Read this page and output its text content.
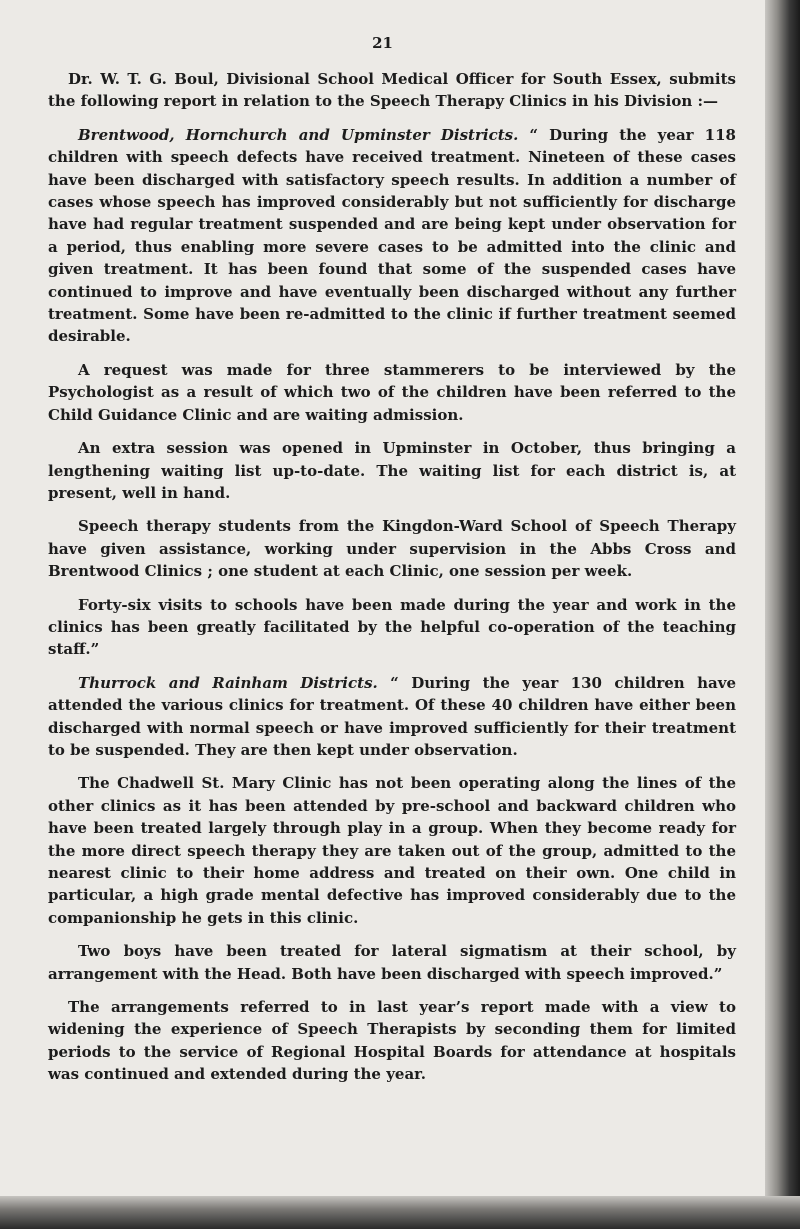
21

Dr. W. T. G. Boul, Divisional School Medical Officer for South Essex, submits the following report in relation to the Speech Therapy Clinics in his Division :—

Brentwood, Hornchurch and Upminster Districts. “ During the year 118 children with speech defects have received treatment. Nineteen of these cases have been discharged with satisfactory speech results. In addition a number of cases whose speech has improved considerably but not sufficiently for discharge have had regular treatment suspended and are being kept under observation for a period, thus enabling more severe cases to be admitted into the clinic and given treatment. It has been found that some of the suspended cases have continued to improve and have eventually been discharged without any further treatment. Some have been re-admitted to the clinic if further treatment seemed desirable.

A request was made for three stammerers to be interviewed by the Psychologist as a result of which two of the children have been referred to the Child Guidance Clinic and are waiting admission.

An extra session was opened in Upminster in October, thus bringing a lengthening waiting list up-to-date. The waiting list for each district is, at present, well in hand.

Speech therapy students from the Kingdon-Ward School of Speech Therapy have given assistance, working under supervision in the Abbs Cross and Brentwood Clinics ; one student at each Clinic, one session per week.

Forty-six visits to schools have been made during the year and work in the clinics has been greatly facilitated by the helpful co-operation of the teaching staff.”

Thurrock and Rainham Districts. “ During the year 130 children have attended the various clinics for treatment. Of these 40 children have either been discharged with normal speech or have improved sufficiently for their treatment to be suspended. They are then kept under observation.

The Chadwell St. Mary Clinic has not been operating along the lines of the other clinics as it has been attended by pre-school and backward children who have been treated largely through play in a group. When they become ready for the more direct speech therapy they are taken out of the group, admitted to the nearest clinic to their home address and treated on their own. One child in particular, a high grade mental defective has improved considerably due to the companionship he gets in this clinic.

Two boys have been treated for lateral sigmatism at their school, by arrangement with the Head. Both have been discharged with speech improved.”

The arrangements referred to in last year’s report made with a view to widening the experience of Speech Therapists by seconding them for limited periods to the service of Regional Hospital Boards for attendance at hospitals was continued and extended during the year.
